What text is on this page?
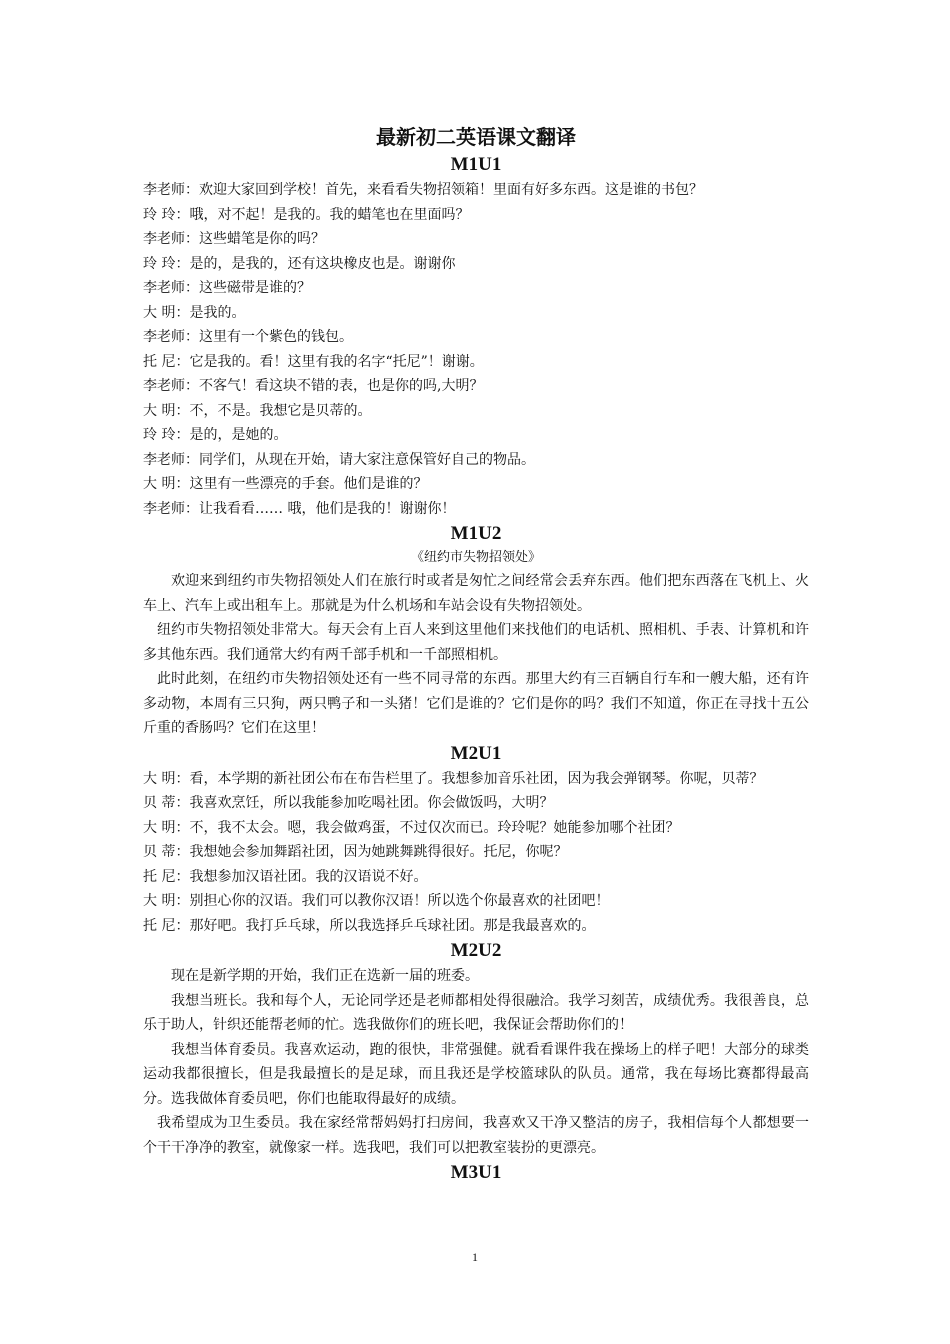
最新初二英语课文翻译
M1U1

李老师：欢迎大家回到学校！首先，来看看失物招领箱！里面有好多东西。这是谁的书包？

玲 玲：哦，对不起！是我的。我的蜡笔也在里面吗？

李老师：这些蜡笔是你的吗？

玲 玲：是的，是我的，还有这块橡皮也是。谢谢你

李老师：这些磁带是谁的？

大 明：是我的。

李老师：这里有一个紫色的钱包。

托 尼：它是我的。看！这里有我的名字“托尼”！谢谢。

李老师：不客气！看这块不错的表，也是你的吗,大明？

大 明：不，不是。我想它是贝蒂的。

玲 玲：是的，是她的。

李老师：同学们，从现在开始，请大家注意保管好自己的物品。

大 明：这里有一些漂亮的手套。他们是谁的？

李老师：让我看看…… 哦，他们是我的！谢谢你！

M1U2

《纽约市失物招领处》

欢迎来到纽约市失物招领处人们在旅行时或者是匆忙之间经常会丢弃东西。他们把东西落在飞机上、火车上、汽车上或出租车上。那就是为什么机场和车站会设有失物招领处。

纽约市失物招领处非常大。每天会有上百人来到这里他们来找他们的电话机、照相机、手表、计算机和许多其他东西。我们通常大约有两千部手机和一千部照相机。

此时此刻，在纽约市失物招领处还有一些不同寻常的东西。那里大约有三百辆自行车和一艘大船，还有许多动物，本周有三只狗，两只鸭子和一头猪！它们是谁的？它们是你的吗？我们不知道，你正在寻找十五公斤重的香肠吗？它们在这里！

M2U1

大 明：看，本学期的新社团公布在布告栏里了。我想参加音乐社团，因为我会弹钢琴。你呢，贝蒂？

贝 蒂：我喜欢烹饪，所以我能参加吃喝社团。你会做饭吗，大明？

大 明：不，我不太会。嗯，我会做鸡蛋，不过仅次而已。玲玲呢？她能参加哪个社团？

贝 蒂：我想她会参加舞蹈社团，因为她跳舞跳得很好。托尼，你呢？

托 尼：我想参加汉语社团。我的汉语说不好。

大 明：别担心你的汉语。我们可以教你汉语！所以选个你最喜欢的社团吧！

托 尼：那好吧。我打乒乓球，所以我选择乒乓球社团。那是我最喜欢的。

M2U2

现在是新学期的开始，我们正在选新一届的班委。

我想当班长。我和每个人，无论同学还是老师都相处得很融洽。我学习刻苦，成绩优秀。我很善良，总乐于助人，针织还能帮老师的忙。选我做你们的班长吧，我保证会帮助你们的！

我想当体育委员。我喜欢运动，跑的很快，非常强健。就看看课件我在操场上的样子吧！大部分的球类运动我都很擅长，但是我最擅长的是足球，而且我还是学校篮球队的队员。通常，我在每场比赛都得最高分。选我做体育委员吧，你们也能取得最好的成绩。

我希望成为卫生委员。我在家经常帮妈妈打扫房间，我喜欢又干净又整洁的房子，我相信每个人都想要一个干干净净的教室，就像家一样。选我吧，我们可以把教室装扮的更漂亮。

M3U1
1
